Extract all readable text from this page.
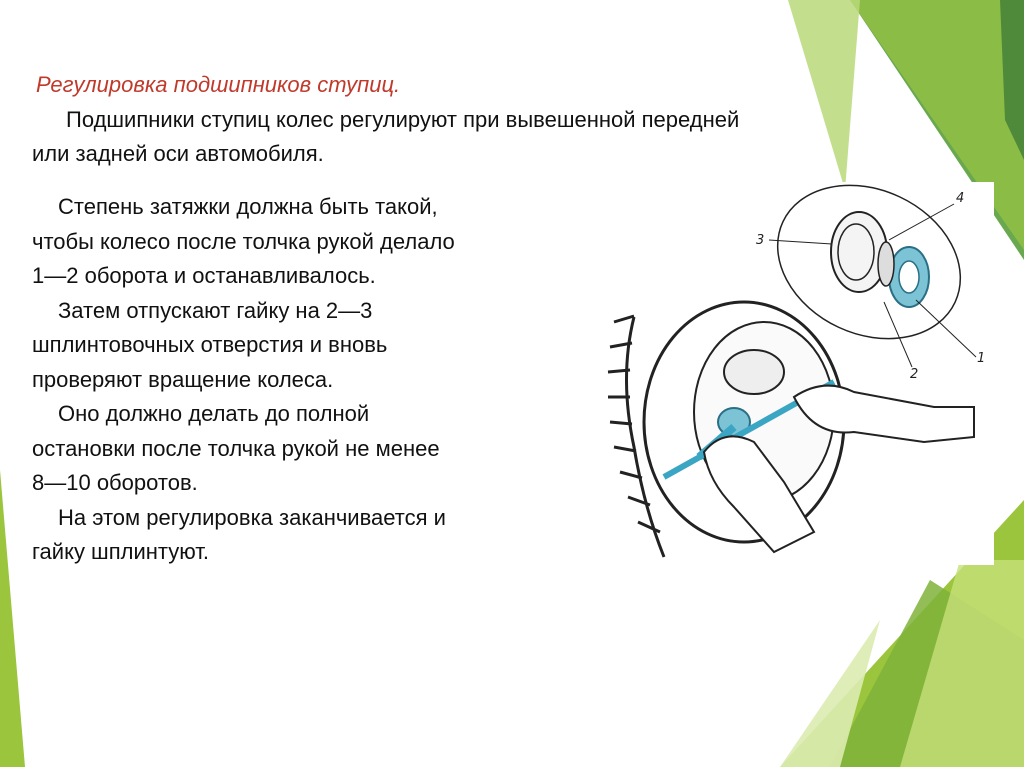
Регулировка подшипников ступиц.
Подшипники ступиц колес регулируют при вывешенной передней
или задней оси автомобиля.
Степень затяжки должна быть такой,
чтобы колесо после толчка рукой делало
1—2 оборота и останавливалось.
Затем отпускают гайку на 2—3
шплинтовочных отверстия и вновь
проверяют вращение колеса.
Оно должно делать до полной
остановки после толчка рукой не менее
8—10 оборотов.
На этом регулировка заканчивается и
гайку шплинтуют.
3
4
1
2
